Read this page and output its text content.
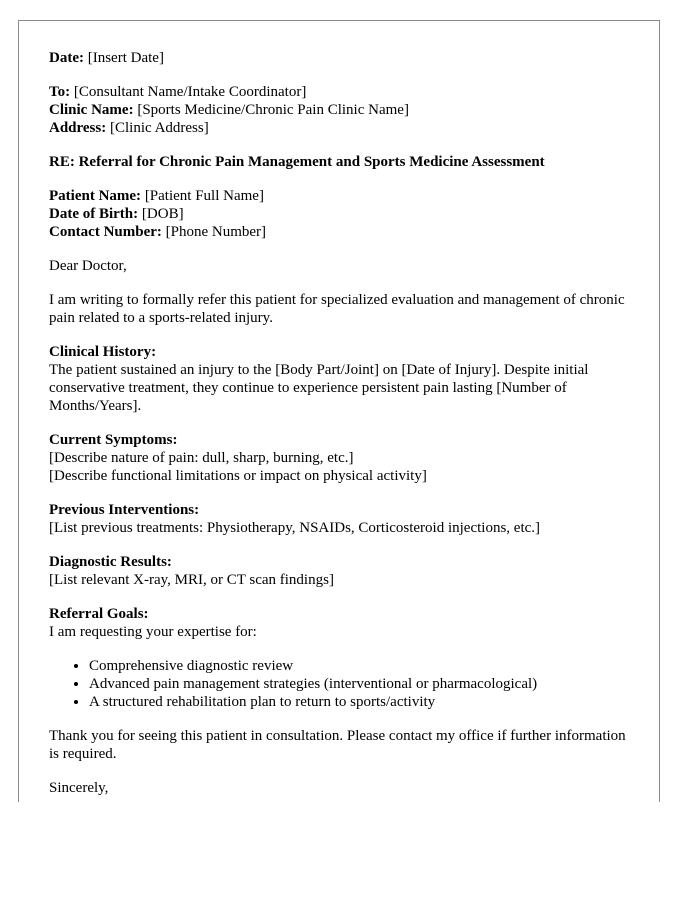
Date: [Insert Date]
To: [Consultant Name/Intake Coordinator]
Clinic Name: [Sports Medicine/Chronic Pain Clinic Name]
Address: [Clinic Address]
RE: Referral for Chronic Pain Management and Sports Medicine Assessment
Patient Name: [Patient Full Name]
Date of Birth: [DOB]
Contact Number: [Phone Number]

Dear Doctor,

I am writing to formally refer this patient for specialized evaluation and management of chronic pain related to a sports-related injury.

Clinical History:
The patient sustained an injury to the [Body Part/Joint] on [Date of Injury]. Despite initial conservative treatment, they continue to experience persistent pain lasting [Number of Months/Years].
Current Symptoms:
[Describe nature of pain: dull, sharp, burning, etc.]
[Describe functional limitations or impact on physical activity]
Previous Interventions:
[List previous treatments: Physiotherapy, NSAIDs, Corticosteroid injections, etc.]
Diagnostic Results:
[List relevant X-ray, MRI, or CT scan findings]
Referral Goals:
I am requesting your expertise for:
• Comprehensive diagnostic review
• Advanced pain management strategies (interventional or pharmacological)
• A structured rehabilitation plan to return to sports/activity

Thank you for seeing this patient in consultation. Please contact my office if further information is required.

Sincerely,
